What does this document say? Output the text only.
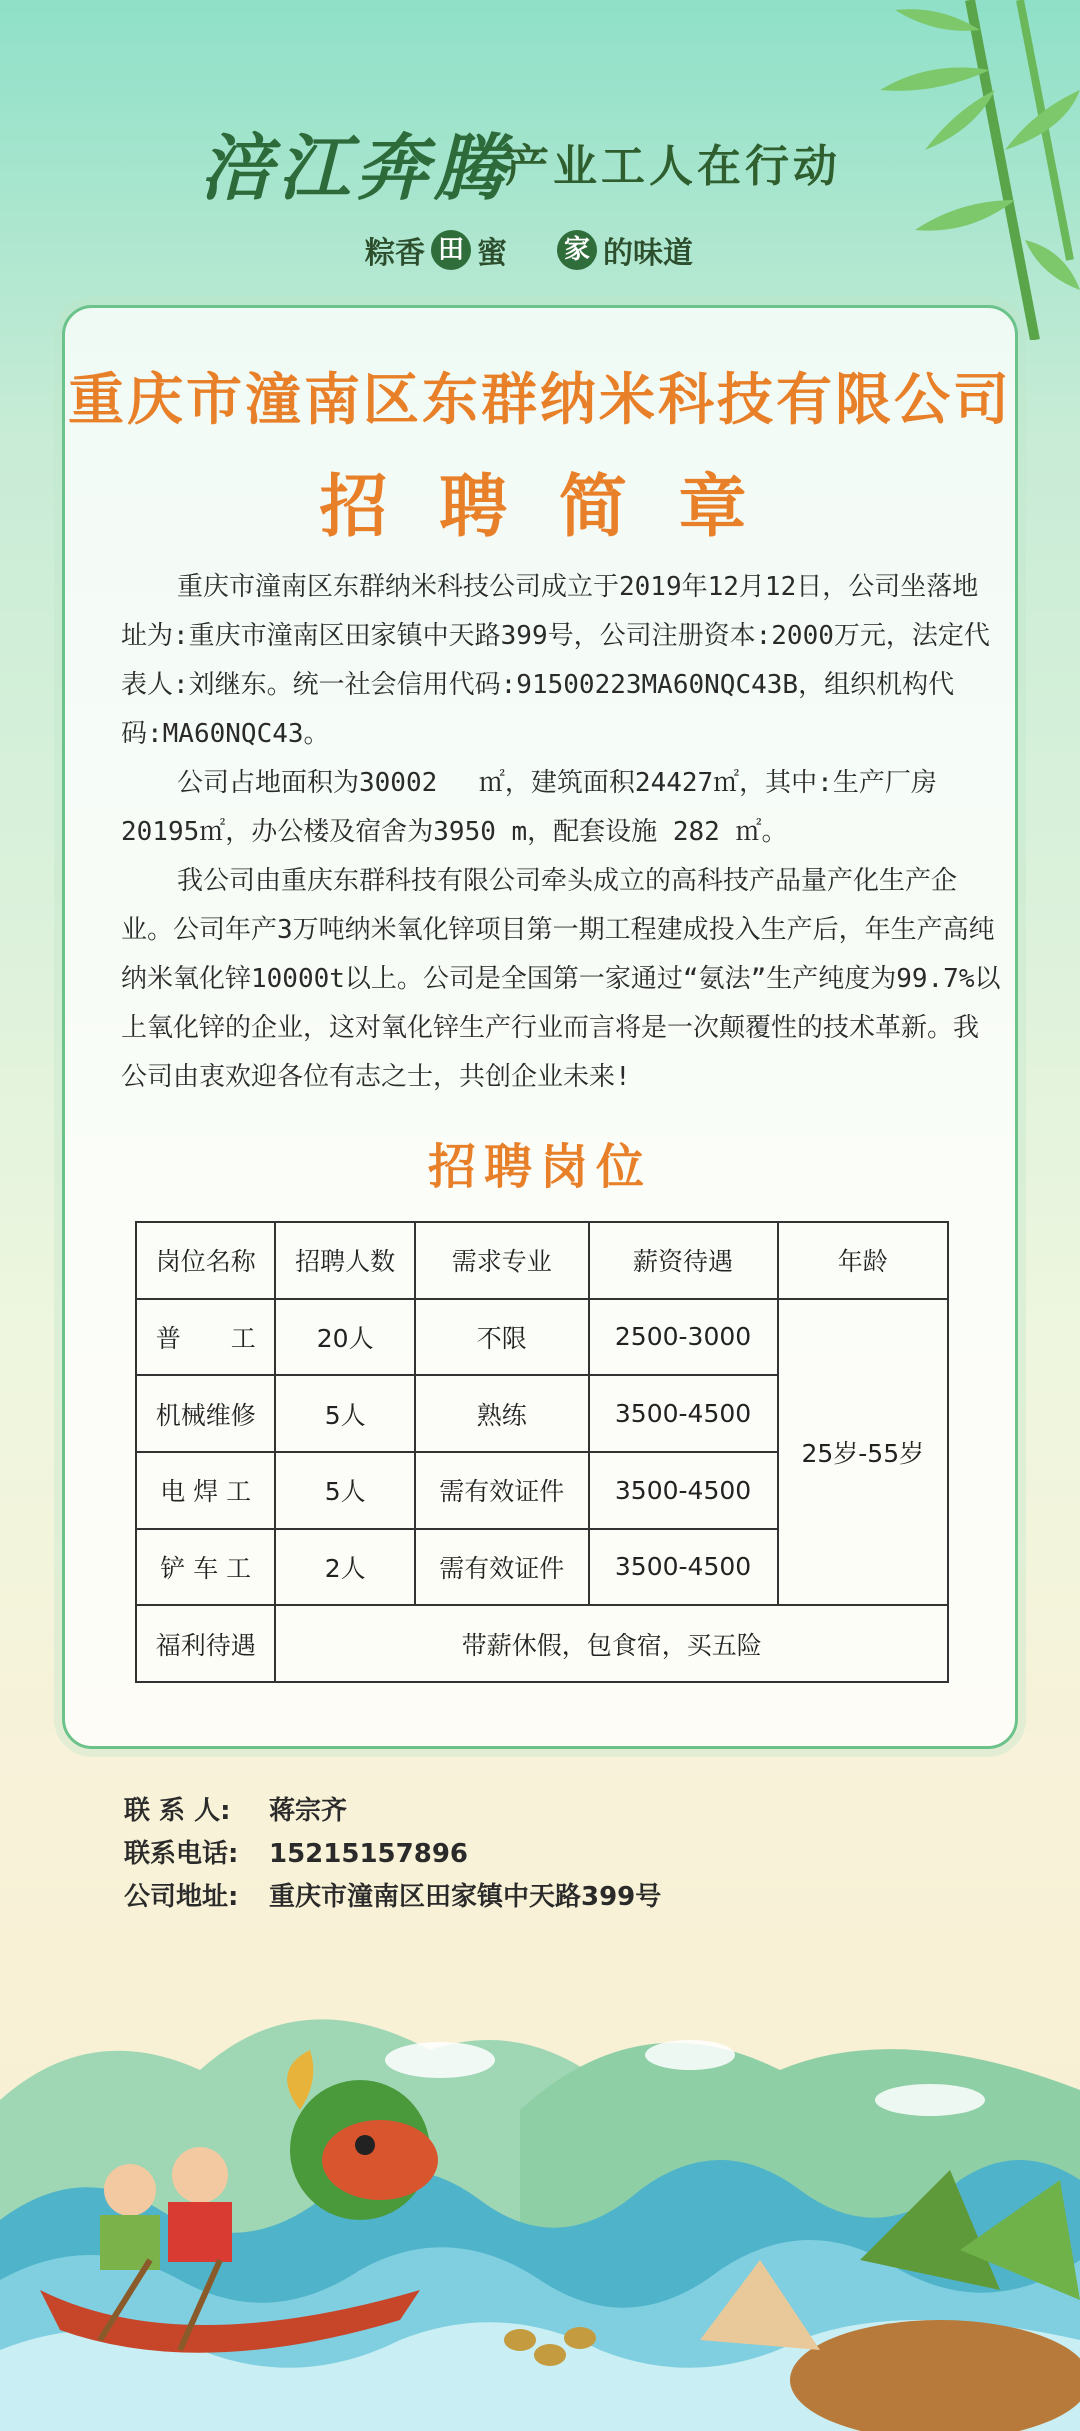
涪江奔腾
产业工人在行动
粽香 田 蜜 家 的味道
重庆市潼南区东群纳米科技有限公司
招 聘 简 章

重庆市潼南区东群纳米科技公司成立于2019年12月12日，公司坐落地址为:重庆市潼南区田家镇中天路399号，公司注册资本:2000万元，法定代表人:刘继东。统一社会信用代码:91500223MA60NQC43B，组织机构代码:MA60NQC43。

公司占地面积为30002　 ㎡，建筑面积24427㎡，其中:生产厂房20195㎡，办公楼及宿舍为3950 m，配套设施 282 ㎡。

我公司由重庆东群科技有限公司牵头成立的高科技产品量产化生产企业。公司年产3万吨纳米氧化锌项目第一期工程建成投入生产后，年生产高纯纳米氧化锌10000t以上。公司是全国第一家通过“氨法”生产纯度为99.7%以上氧化锌的企业，这对氧化锌生产行业而言将是一次颠覆性的技术革新。我公司由衷欢迎各位有志之士，共创企业未来!

招聘岗位
岗位名称	招聘人数	需求专业	薪资待遇	年龄
普　　工	20人	不限	2500-3000	25岁-55岁
机械维修	5人	熟练	3500-4500	
电 焊 工	5人	需有效证件	3500-4500	
铲 车 工	2人	需有效证件	3500-4500	
福利待遇	带薪休假，包食宿，买五险			
联 系 人: 蒋宗齐
联系电话: 15215157896
公司地址: 重庆市潼南区田家镇中天路399号
